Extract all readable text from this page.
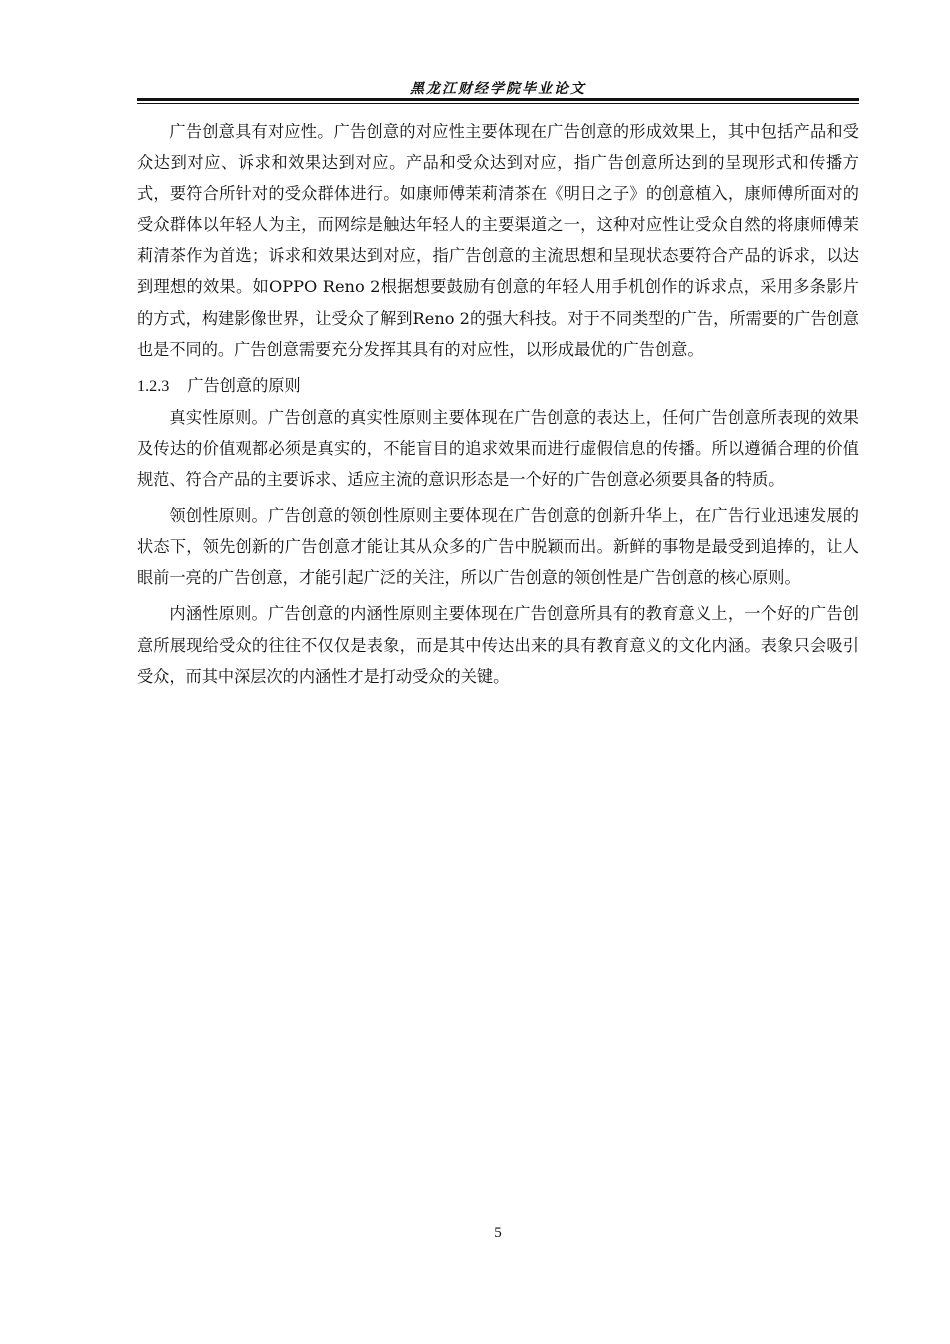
黑龙江财经学院毕业论文

广告创意具有对应性。广告创意的对应性主要体现在广告创意的形成效果上，其中包括产品和受众达到对应、诉求和效果达到对应。产品和受众达到对应，指广告创意所达到的呈现形式和传播方式，要符合所针对的受众群体进行。如康师傅茉莉清茶在《明日之子》的创意植入，康师傅所面对的受众群体以年轻人为主，而网综是触达年轻人的主要渠道之一，这种对应性让受众自然的将康师傅茉莉清茶作为首选；诉求和效果达到对应，指广告创意的主流思想和呈现状态要符合产品的诉求，以达到理想的效果。如OPPO Reno 2根据想要鼓励有创意的年轻人用手机创作的诉求点，采用多条影片的方式，构建影像世界，让受众了解到Reno 2的强大科技。对于不同类型的广告，所需要的广告创意也是不同的。广告创意需要充分发挥其具有的对应性，以形成最优的广告创意。

1.2.3 广告创意的原则

真实性原则。广告创意的真实性原则主要体现在广告创意的表达上，任何广告创意所表现的效果及传达的价值观都必须是真实的，不能盲目的追求效果而进行虚假信息的传播。所以遵循合理的价值规范、符合产品的主要诉求、适应主流的意识形态是一个好的广告创意必须要具备的特质。

领创性原则。广告创意的领创性原则主要体现在广告创意的创新升华上，在广告行业迅速发展的状态下，领先创新的广告创意才能让其从众多的广告中脱颖而出。新鲜的事物是最受到追捧的，让人眼前一亮的广告创意，才能引起广泛的关注，所以广告创意的领创性是广告创意的核心原则。

内涵性原则。广告创意的内涵性原则主要体现在广告创意所具有的教育意义上，一个好的广告创意所展现给受众的往往不仅仅是表象，而是其中传达出来的具有教育意义的文化内涵。表象只会吸引受众，而其中深层次的内涵性才是打动受众的关键。

5
